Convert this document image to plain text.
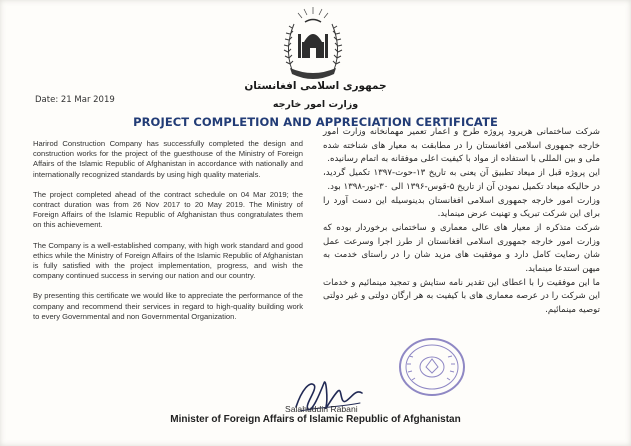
Date: 21 Mar 2019
جمهوری اسلامی افغانستان
وزارت امور خارجه
PROJECT COMPLETION AND APPRECIATION CERTIFICATE

Harirod Construction Company has successfully completed the design and construction works for the project of the guesthouse of the Ministry of Foreign Affairs of the Islamic Republic of Afghanistan in accordance with nationally and internationally recognized standards by using high quality materials.

The project completed ahead of the contract schedule on 04 Mar 2019; the contract duration was from 26 Nov 2017 to 20 May 2019. The Ministry of Foreign Affairs of the Islamic Republic of Afghanistan thus congratulates them on this achievement.

The Company is a well-established company, with high work standard and good ethics while the Ministry of Foreign Affairs of the Islamic Republic of Afghanistan is fully satisfied with the project implementation, progress, and wish the company continued success in serving our nation and our country.

By presenting this certificate we would like to appreciate the performance of the company and recommend their services in regard to high-quality building work to every Governmental and non Governmental Organization.

شرکت ساختمانی هریرود پروژه طرح و اعمار تعمیر مهمانخانه وزارت امور خارجه جمهوری اسلامی افغانستان را در مطابقت به معیار های شناخته شده ملی و بین المللی با استفاده از مواد با کیفیت اعلی موفقانه به اتمام رسانیده.

این پروژه قبل از میعاد تطبیق آن یعنی به تاریخ ۱۳-حوت-۱۳۹۷ تکمیل گردید، در حالیکه میعاد تکمیل نمودن آن از تاریخ ۵-قوس-۱۳۹۶ الی ۳۰-ثور-۱۳۹۸ بود.

وزارت امور خارجه جمهوری اسلامی افغانستان بدینوسیله این دست آورد را برای این شرکت تبریک و تهنیت عرض مینماید.

شرکت متذکره از معیار های عالی معماری و ساختمانی برخوردار بوده که وزارت امور خارجه جمهوری اسلامی افغانستان از طرز اجرا وسرعت عمل شان رضایت کامل دارد و موفقیت های مزید شان را در راستای خدمت به میهن استدعا مینماید.

ما این موفقیت را با اعطای این تقدیر نامه ستایش و تمجید مینمائیم و خدمات این شرکت را در عرصه معماری های با کیفیت به هر ارگان دولتی و غیر دولتی توصیه مینمائیم.

Salahuddin Rabani
Minister of Foreign Affairs of Islamic Republic of Afghanistan
